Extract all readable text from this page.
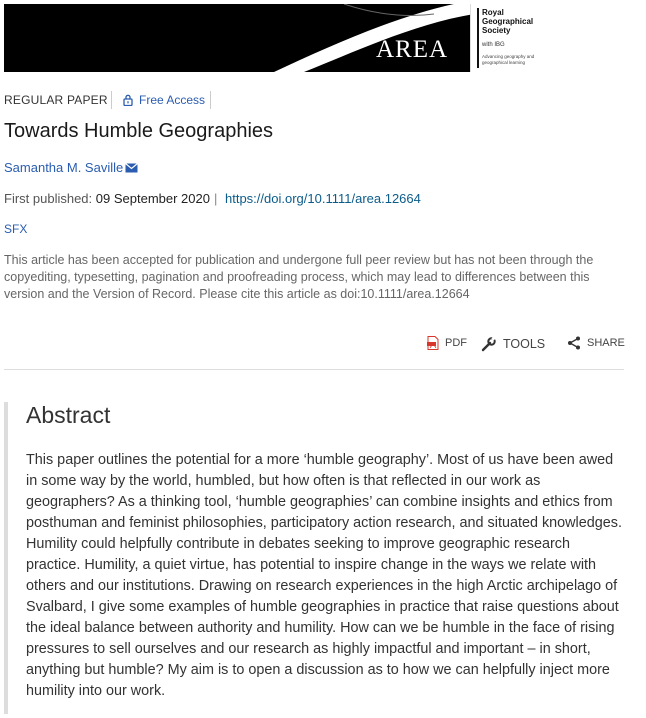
AREA
Royal Geographical Society
with IBG
Advancing geography and geographical learning
REGULAR PAPER	Free Access
Towards Humble Geographies
Samantha M. Saville
First published: 09 September 2020 | https://doi.org/10.1111/area.12664
SFX
This article has been accepted for publication and undergone full peer review but has not been through the copyediting, typesetting, pagination and proofreading process, which may lead to differences between this version and the Version of Record. Please cite this article as doi:10.1111/area.12664
PDF	TOOLS	SHARE
Abstract

This paper outlines the potential for a more ‘humble geography’. Most of us have been awed in some way by the world, humbled, but how often is that reflected in our work as geographers? As a thinking tool, ‘humble geographies’ can combine insights and ethics from posthuman and feminist philosophies, participatory action research, and situated knowledges. Humility could helpfully contribute in debates seeking to improve geographic research practice. Humility, a quiet virtue, has potential to inspire change in the ways we relate with others and our institutions. Drawing on research experiences in the high Arctic archipelago of Svalbard, I give some examples of humble geographies in practice that raise questions about the ideal balance between authority and humility. How can we be humble in the face of rising pressures to sell ourselves and our research as highly impactful and important – in short, anything but humble? My aim is to open a discussion as to how we can helpfully inject more humility into our work.
